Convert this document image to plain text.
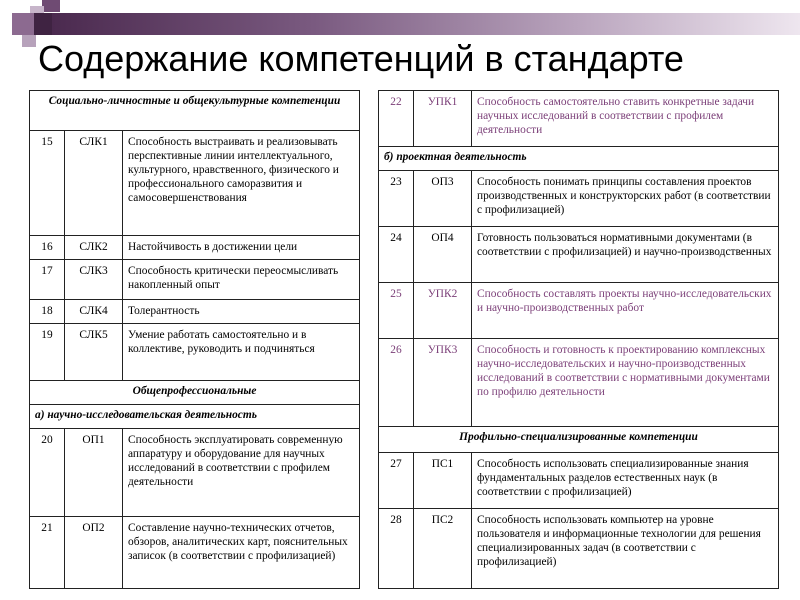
Содержание компетенций в стандарте
Социально-личностные и общекультурные компетенции		
15	СЛК1	Способность выстраивать и реализовывать перспективные линии интеллектуального, культурного, нравственного, физического и профессионального саморазвития и самосовершенствования
16	СЛК2	Настойчивость в достижении цели
17	СЛК3	Способность критически переосмысливать накопленный опыт
18	СЛК4	Толерантность
19	СЛК5	Умение работать самостоятельно и в коллективе, руководить и подчиняться
Общепрофессиональные		
а) научно-исследовательская деятельность		
20	ОП1	Способность эксплуатировать современную аппаратуру и оборудование для научных исследований в соответствии с профилем деятельности
21	ОП2	Составление научно-технических отчетов, обзоров, аналитических карт, пояснительных записок (в соответствии с профилизацией)
22	УПК1	Способность самостоятельно ставить конкретные задачи научных исследований в соответствии с профилем деятельности
б) проектная деятельность		
23	ОП3	Способность понимать принципы составления проектов производственных и конструкторских работ (в соответствии с профилизацией)
24	ОП4	Готовность пользоваться нормативными документами (в соответствии с профилизацией) и научно-производственных
25	УПК2	Способность составлять проекты научно-исследовательских и научно-производственных работ
26	УПК3	Способность и готовность к проектированию комплексных научно-исследовательских и научно-производственных исследований в соответствии с нормативными документами по профилю деятельности
Профильно-специализированные компетенции		
27	ПС1	Способность использовать специализированные знания фундаментальных разделов естественных наук (в соответствии с профилизацией)
28	ПС2	Способность использовать компьютер на уровне пользователя и информационные технологии для решения специализированных задач (в соответствии с профилизацией)
